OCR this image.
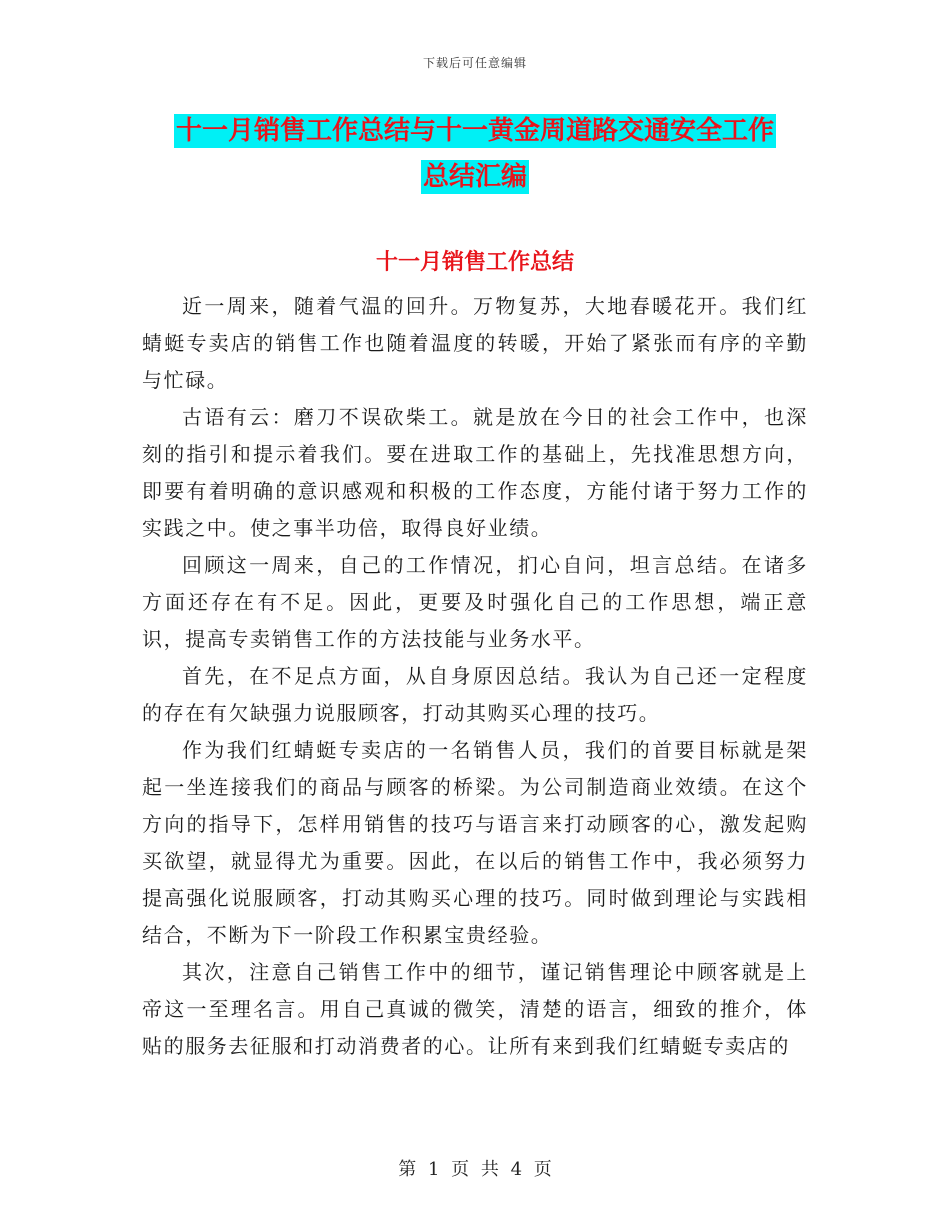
下载后可任意编辑
十一月销售工作总结与十一黄金周道路交通安全工作
总结汇编
十一月销售工作总结

近一周来，随着气温的回升。万物复苏，大地春暖花开。我们红蜻蜓专卖店的销售工作也随着温度的转暖，开始了紧张而有序的辛勤与忙碌。

古语有云：磨刀不误砍柴工。就是放在今日的社会工作中，也深刻的指引和提示着我们。要在进取工作的基础上，先找准思想方向，即要有着明确的意识感观和积极的工作态度，方能付诸于努力工作的实践之中。使之事半功倍，取得良好业绩。

回顾这一周来，自己的工作情况，扪心自问，坦言总结。在诸多方面还存在有不足。因此，更要及时强化自己的工作思想，端正意识，提高专卖销售工作的方法技能与业务水平。

首先，在不足点方面，从自身原因总结。我认为自己还一定程度的存在有欠缺强力说服顾客，打动其购买心理的技巧。

作为我们红蜻蜓专卖店的一名销售人员，我们的首要目标就是架起一坐连接我们的商品与顾客的桥梁。为公司制造商业效绩。在这个方向的指导下，怎样用销售的技巧与语言来打动顾客的心，激发起购买欲望，就显得尤为重要。因此，在以后的销售工作中，我必须努力提高强化说服顾客，打动其购买心理的技巧。同时做到理论与实践相结合，不断为下一阶段工作积累宝贵经验。

其次，注意自己销售工作中的细节，谨记销售理论中顾客就是上帝这一至理名言。用自己真诚的微笑，清楚的语言，细致的推介，体贴的服务去征服和打动消费者的心。让所有来到我们红蜻蜓专卖店的

第 1 页 共 4 页
